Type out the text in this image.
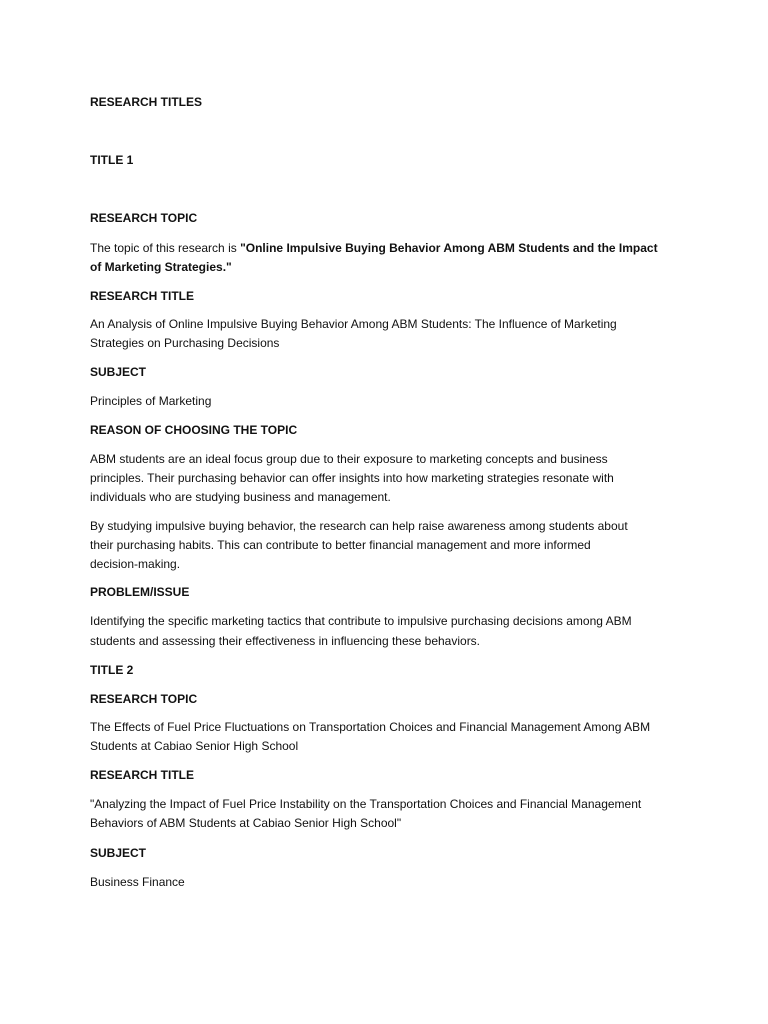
RESEARCH TITLES

TITLE 1

RESEARCH TOPIC

The topic of this research is "Online Impulsive Buying Behavior Among ABM Students and the Impact

of Marketing Strategies."

RESEARCH TITLE

An Analysis of Online Impulsive Buying Behavior Among ABM Students: The Influence of Marketing

Strategies on Purchasing Decisions

SUBJECT

Principles of Marketing

REASON OF CHOOSING THE TOPIC

ABM students are an ideal focus group due to their exposure to marketing concepts and business

principles. Their purchasing behavior can offer insights into how marketing strategies resonate with

individuals who are studying business and management.

By studying impulsive buying behavior, the research can help raise awareness among students about

their purchasing habits. This can contribute to better financial management and more informed

decision-making.

PROBLEM/ISSUE

Identifying the specific marketing tactics that contribute to impulsive purchasing decisions among ABM

students and assessing their effectiveness in influencing these behaviors.

TITLE 2

RESEARCH TOPIC

The Effects of Fuel Price Fluctuations on Transportation Choices and Financial Management Among ABM

Students at Cabiao Senior High School

RESEARCH TITLE

"Analyzing the Impact of Fuel Price Instability on the Transportation Choices and Financial Management

Behaviors of ABM Students at Cabiao Senior High School"

SUBJECT

Business Finance
